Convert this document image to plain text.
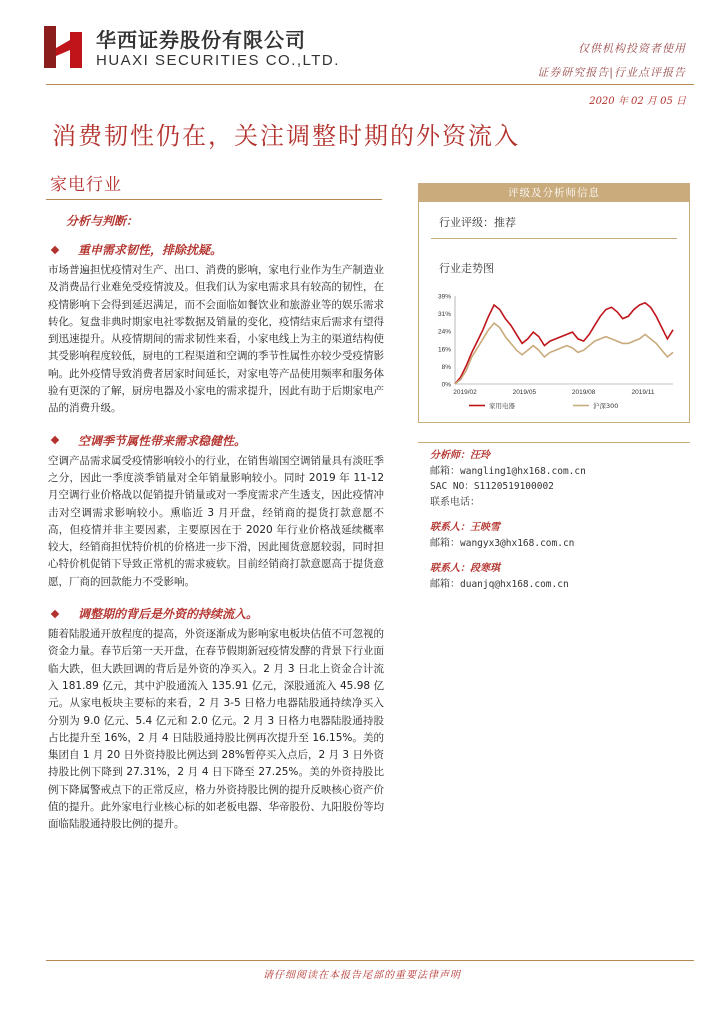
华西证券股份有限公司
HUAXI SECURITIES CO.,LTD.
仅供机构投资者使用
证券研究报告|行业点评报告
2020 年 02 月 05 日
消费韧性仍在，关注调整时期的外资流入
家电行业
分析与判断：
重申需求韧性，排除扰疑。
市场普遍担忧疫情对生产、出口、消费的影响，家电行业作为生产制造业及消费品行业难免受疫情波及。但我们认为家电需求具有较高的韧性，在疫情影响下会得到延迟满足，而不会面临如餐饮业和旅游业等的娱乐需求转化。复盘非典时期家电社零数据及销量的变化，疫情结束后需求有望得到迅速提升。从疫情期间的需求韧性来看，小家电线上为主的渠道结构使其受影响程度较低，厨电的工程渠道和空调的季节性属性亦较少受疫情影响。此外疫情导致消费者居家时间延长，对家电等产品使用频率和服务体验有更深的了解，厨房电器及小家电的需求提升，因此有助于后期家电产品的消费升级。
空调季节属性带来需求稳健性。
空调产品需求属受疫情影响较小的行业，在销售端国空调销量具有淡旺季之分，因此一季度淡季销量对全年销量影响较小。同时 2019 年 11-12 月空调行业价格战以促销提升销量或对一季度需求产生透支，因此疫情冲击对空调需求影响较小。熏临近 3 月开盘，经销商的提货打款意愿不高，但疫情并非主要因素，主要原因在于 2020 年行业价格战延续概率较大，经销商担忧特价机的价格进一步下滑，因此囤货意愿较弱，同时担心特价机促销下导致正常机的需求疲软。目前经销商打款意愿高于提货意愿，厂商的回款能力不受影响。
调整期的背后是外资的持续流入。
随着陆股通开放程度的提高，外资逐渐成为影响家电板块估值不可忽视的资金力量。春节后第一天开盘，在春节假期新冠疫情发酵的背景下行业面临大跌，但大跌回调的背后是外资的净买入。2 月 3 日北上资金合计流入 181.89 亿元，其中沪股通流入 135.91 亿元，深股通流入 45.98 亿元。从家电板块主要标的来看，2 月 3-5 日格力电器陆股通持续净买入分别为 9.0 亿元、5.4 亿元和 2.0 亿元。2 月 3 日格力电器陆股通持股占比提升至 16%，2 月 4 日陆股通持股比例再次提升至 16.15%。美的集团自 1 月 20 日外资持股比例达到 28%暂停买入点后，2 月 3 日外资持股比例下降到 27.31%，2 月 4 日下降至 27.25%。美的外资持股比例下降属警戒点下的正常反应，格力外资持股比例的提升反映核心资产价值的提升。此外家电行业核心标的如老板电器、华帝股份、九阳股份等均面临陆股通持股比例的提升。
评级及分析师信息
行业评级：推荐
行业走势图
0%
8%
16%
24%
31%
39%
2019/02	2019/05	2019/08	2019/11
家用电器	沪深300
分析师：汪玲
邮箱：wangling1@hx168.com.cn
SAC NO：S1120519100002
联系电话：
联系人：王映雪
邮箱：wangyx3@hx168.com.cn
联系人：段寒琪
邮箱：duanjq@hx168.com.cn
请仔细阅读在本报告尾部的重要法律声明
